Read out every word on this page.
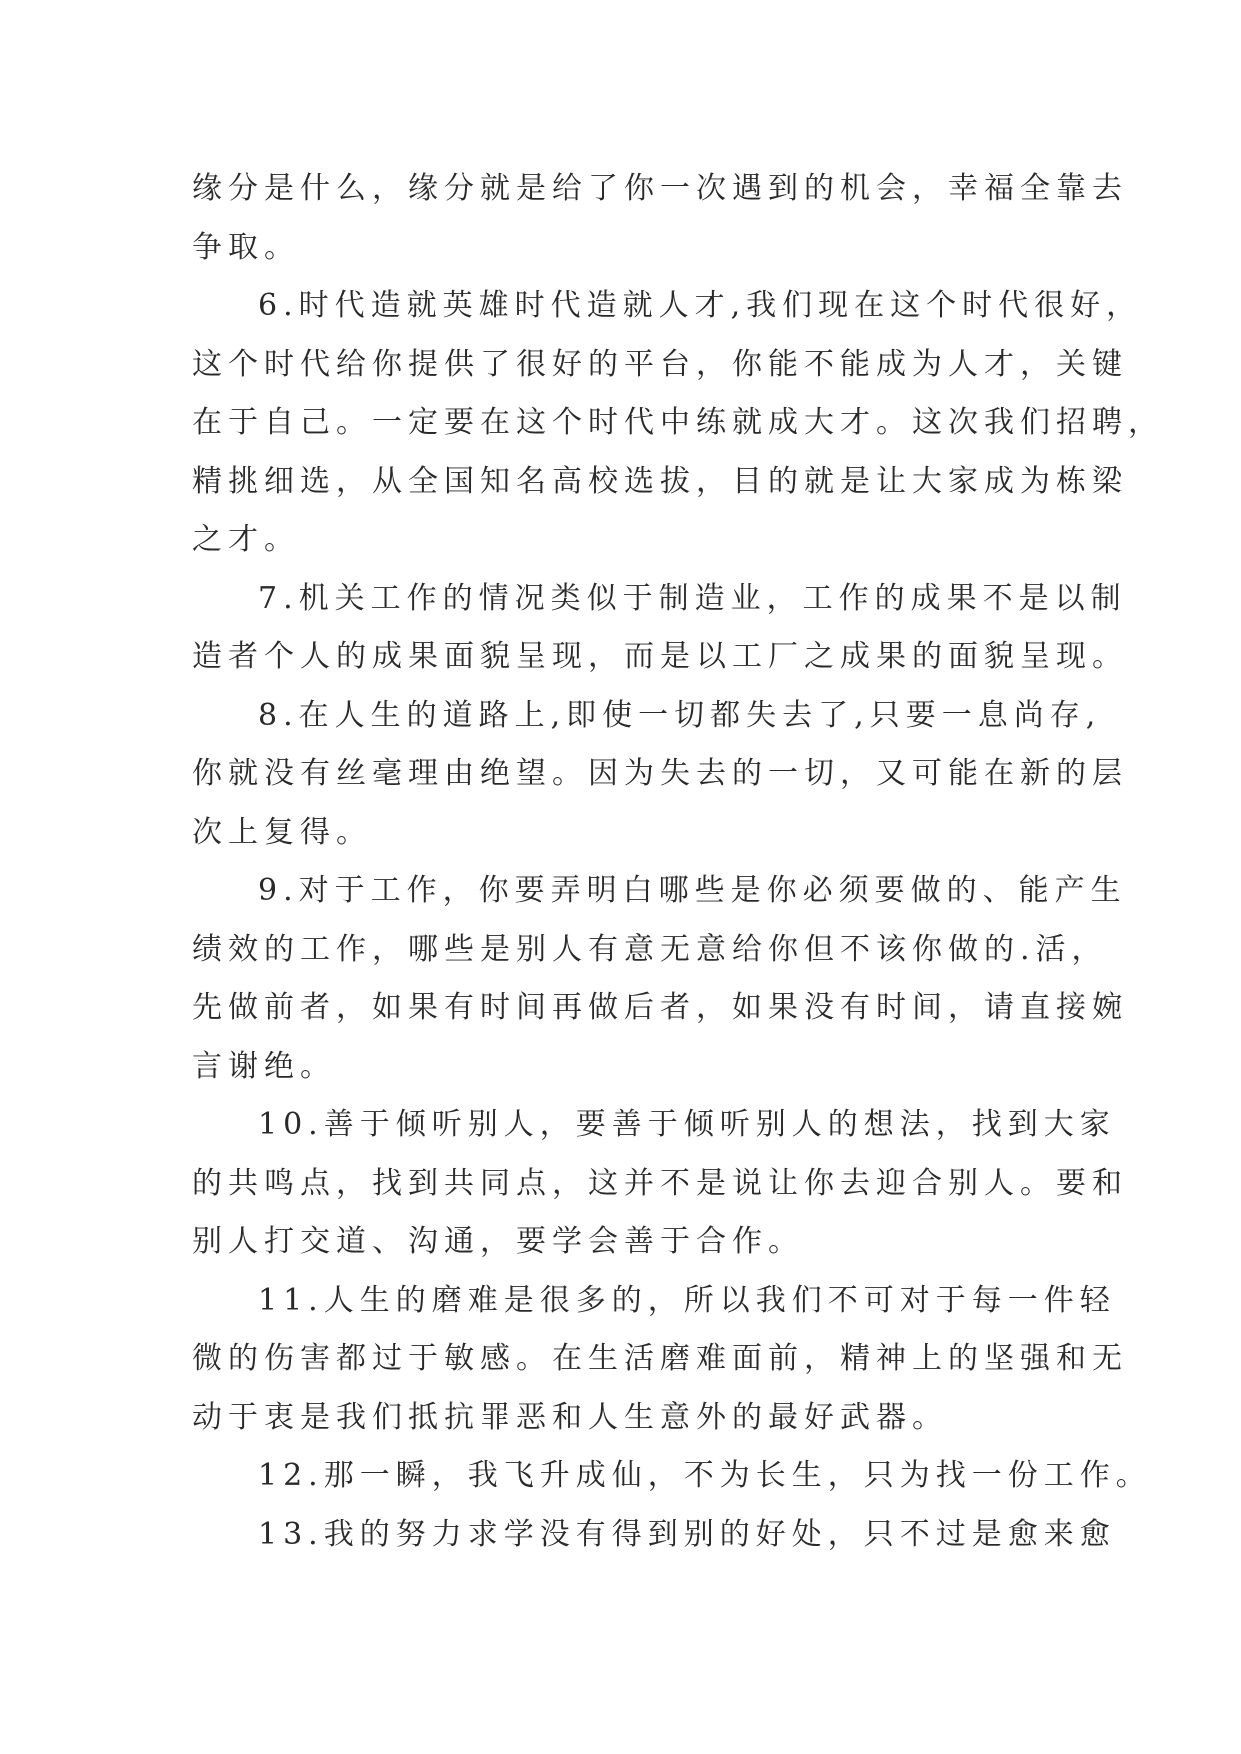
缘分是什么，缘分就是给了你一次遇到的机会，幸福全靠去
争取。
6.时代造就英雄时代造就人才,我们现在这个时代很好，
这个时代给你提供了很好的平台，你能不能成为人才，关键
在于自己。一定要在这个时代中练就成大才。这次我们招聘，
精挑细选，从全国知名高校选拔，目的就是让大家成为栋梁
之才。
7.机关工作的情况类似于制造业，工作的成果不是以制
造者个人的成果面貌呈现，而是以工厂之成果的面貌呈现。
8.在人生的道路上,即使一切都失去了,只要一息尚存,
你就没有丝毫理由绝望。因为失去的一切，又可能在新的层
次上复得。
9.对于工作，你要弄明白哪些是你必须要做的、能产生
绩效的工作，哪些是别人有意无意给你但不该你做的.活，
先做前者，如果有时间再做后者，如果没有时间，请直接婉
言谢绝。
10.善于倾听别人，要善于倾听别人的想法，找到大家
的共鸣点，找到共同点，这并不是说让你去迎合别人。要和
别人打交道、沟通，要学会善于合作。
11.人生的磨难是很多的，所以我们不可对于每一件轻
微的伤害都过于敏感。在生活磨难面前，精神上的坚强和无
动于衷是我们抵抗罪恶和人生意外的最好武器。
12.那一瞬，我飞升成仙，不为长生，只为找一份工作。
13.我的努力求学没有得到别的好处，只不过是愈来愈
